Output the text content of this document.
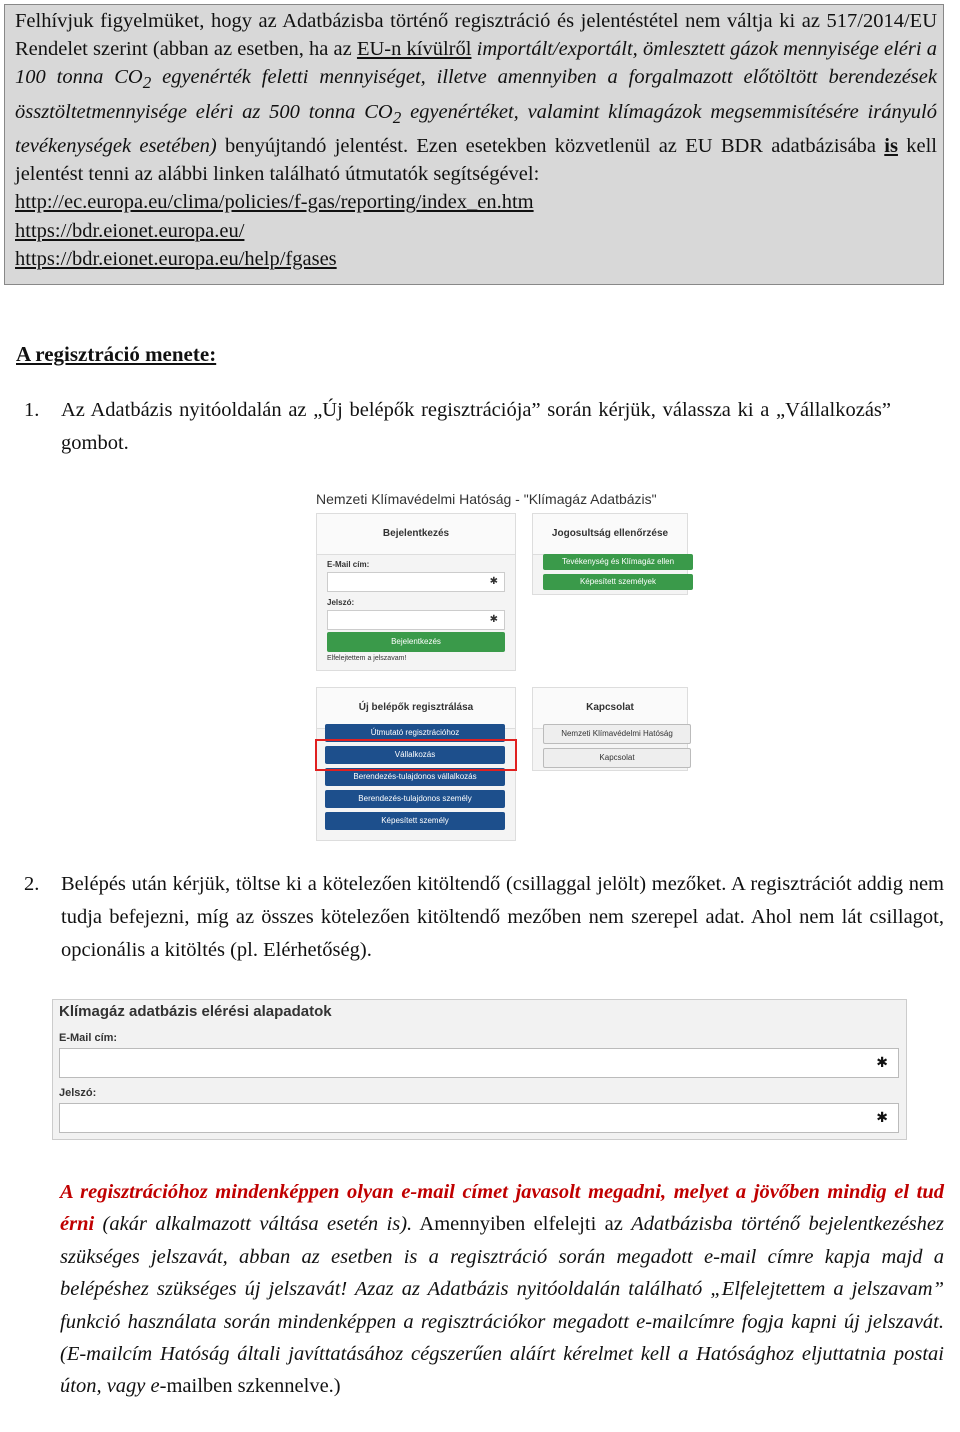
Felhívjuk figyelmüket, hogy az Adatbázisba történő regisztráció és jelentéstétel nem váltja ki az 517/2014/EU Rendelet szerint (abban az esetben, ha az EU-n kívülről importált/exportált, ömlesztett gázok mennyisége eléri a 100 tonna $CO_2$ egyenérték feletti mennyiséget, illetve amennyiben a forgalmazott előtöltött berendezések össztöltetmennyisége eléri az 500 tonna $CO_2$ egyenértéket, valamint klímagázok megsemmisítésére irányuló tevékenységek esetében) benyújtandó jelentést. Ezen esetekben közvetlenül az EU BDR adatbázisába is kell jelentést tenni az alábbi linken található útmutatók segítségével:

http://ec.europa.eu/clima/policies/f-gas/reporting/index_en.htm
https://bdr.eionet.europa.eu/
https://bdr.eionet.europa.eu/help/fgases
A regisztráció menete:
1. Az Adatbázis nyitóoldalán az „Új belépők regisztrációja” során kérjük, válassza ki a „Vállalkozás” gombot.
Nemzeti Klímavédelmi Hatóság - "Klímagáz Adatbázis"
Bejelentkezés
E-Mail cím:
✱
Jelszó:
✱
Bejelentkezés
Elfelejtettem a jelszavam!
Jogosultság ellenőrzése
Tevékenység és Klímagáz ellen
Képesített személyek
Új belépők regisztrálása
Útmutató regisztrációhoz
Vállalkozás
Berendezés-tulajdonos vállalkozás
Berendezés-tulajdonos személy
Képesített személy
Kapcsolat
Nemzeti Klímavédelmi Hatóság
Kapcsolat
2. Belépés után kérjük, töltse ki a kötelezően kitöltendő (csillaggal jelölt) mezőket. A regisztrációt addig nem tudja befejezni, míg az összes kötelezően kitöltendő mezőben nem szerepel adat. Ahol nem lát csillagot, opcionális a kitöltés (pl. Elérhetőség).
Klímagáz adatbázis elérési alapadatok
E-Mail cím:
✱
Jelszó:
✱
A regisztrációhoz mindenképpen olyan e-mail címet javasolt megadni, melyet a jövőben mindig el tud érni (akár alkalmazott váltása esetén is). Amennyiben elfelejti az Adatbázisba történő bejelentkezéshez szükséges jelszavát, abban az esetben is a regisztráció során megadott e-mail címre kapja majd a belépéshez szükséges új jelszavát! Azaz az Adatbázis nyitóoldalán található „Elfelejtettem a jelszavam” funkció használata során mindenképpen a regisztrációkor megadott e-mailcímre fogja kapni új jelszavát. (E-mailcím Hatóság általi javíttatásához cégszerűen aláírt kérelmet kell a Hatósághoz eljuttatnia postai úton, vagy e-mailben szkennelve.)
